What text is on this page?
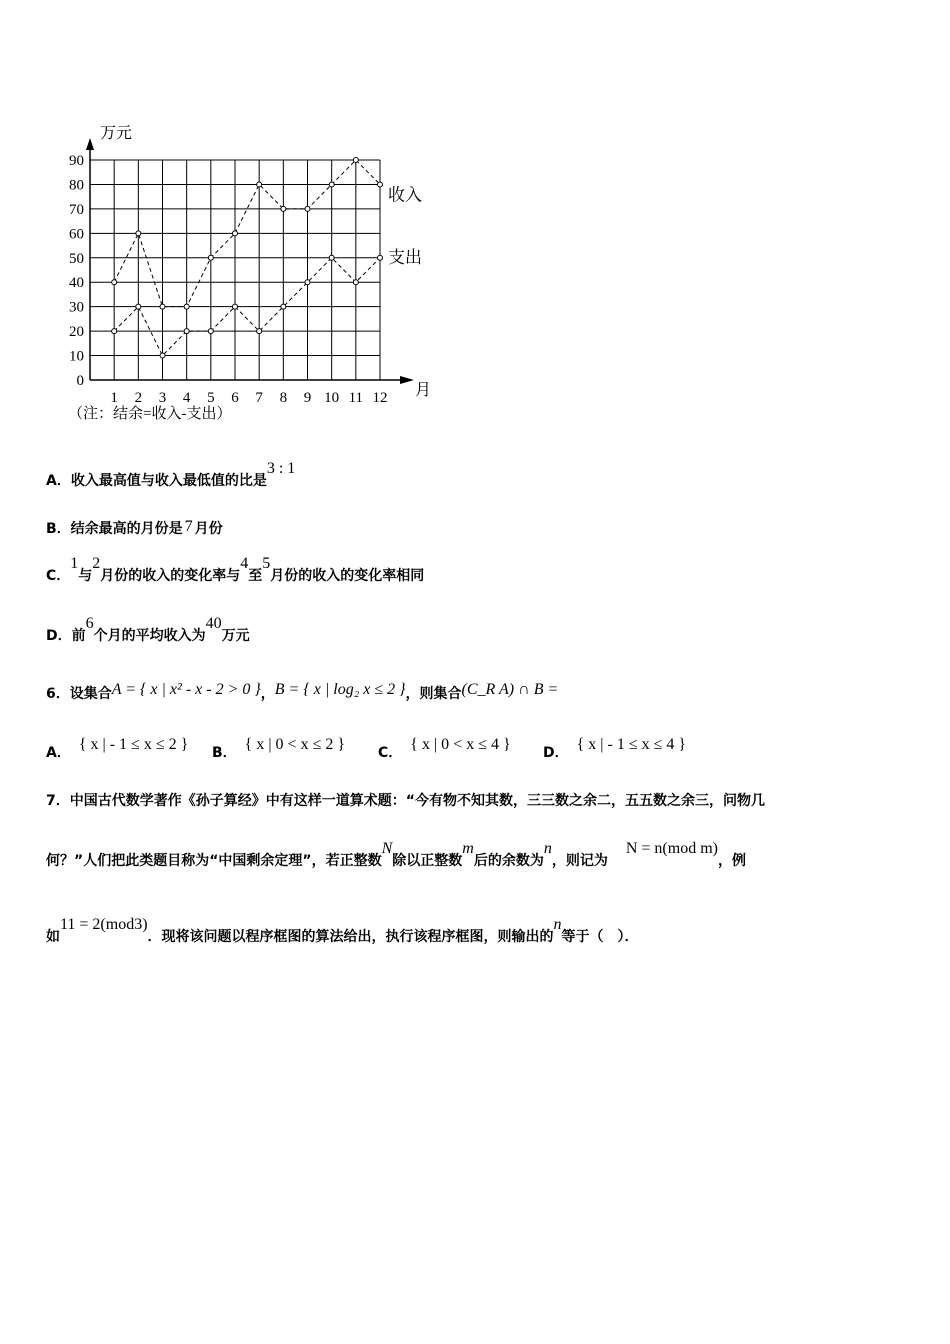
0
10
20
30
40
50
60
70
80
90
1 2 3 4 5 6 7 8 9 10 11 12
收入
支出
万元
月
（注：结余=收入-支出）
A．收入最高值与收入最低值的比是3 : 1
B．结余最高的月份是 7 月份
C．1与2月份的收入的变化率与4至5月份的收入的变化率相同
D．前6个月的平均收入为40万元
6．设集合A = { x | x² - x - 2 > 0 }，B = { x | log₂ x ≤ 2 }，则集合(C_R A) ∩ B =
A． { x | - 1 ≤ x ≤ 2 } B． { x | 0 < x ≤ 2 } C． { x | 0 < x ≤ 4 } D． { x | - 1 ≤ x ≤ 4 }
7．中国古代数学著作《孙子算经》中有这样一道算术题：“今有物不知其数，三三数之余二，五五数之余三，问物几
何？”人们把此类题目称为“中国剩余定理”，若正整数N除以正整数m后的余数为n，则记为N = n(mod m)，例
如11 = 2(mod3)．现将该问题以程序框图的算法给出，执行该程序框图，则输出的n等于（　）．
